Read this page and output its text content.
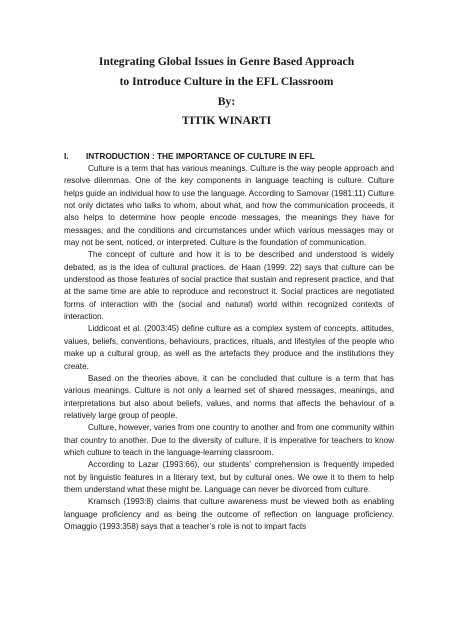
Integrating Global Issues in Genre Based Approach
to Introduce Culture in the EFL Classroom
By:
TITIK WINARTI
I. INTRODUCTION : THE IMPORTANCE OF CULTURE IN EFL

Culture is a term that has various meanings. Culture is the way people approach and resolve dilemmas. One of the key components in language teaching is culture. Culture helps guide an individual how to use the language. According to Samovar (1981:11) Culture not only dictates who talks to whom, about what, and how the communication proceeds, it also helps to determine how people encode messages, the meanings they have for messages, and the conditions and circumstances under which various messages may or may not be sent, noticed, or interpreted. Culture is the foundation of communication.

The concept of culture and how it is to be described and understood is widely debated, as is the idea of cultural practices. de Haan (1999: 22) says that culture can be understood as those features of social practice that sustain and represent practice, and that at the same time are able to reproduce and reconstruct it. Social practices are negotiated forms of interaction with the (social and natural) world within recognized contexts of interaction.

Liddicoat et al. (2003:45) define culture as a complex system of concepts, attitudes, values, beliefs, conventions, behaviours, practices, rituals, and lifestyles of the people who make up a cultural group, as well as the artefacts they produce and the institutions they create.

Based on the theories above, it can be concluded that culture is a term that has various meanings. Culture is not only a learned set of shared messages, meanings, and interpretations but also about beliefs, values, and norms that affects the behaviour of a relatively large group of people.

Culture, however, varies from one country to another and from one community within that country to another. Due to the diversity of culture, it is imperative for teachers to know which culture to teach in the language-learning classroom.

According to Lazar (1993:66), our students’ comprehension is frequently impeded not by linguistic features in a literary text, but by cultural ones. We owe it to them to help them understand what these might be. Language can never be divorced from culture.

Kramsch (1993:8) claims that culture awareness must be viewed both as enabling language proficiency and as being the outcome of reflection on language proficiency. Omaggio (1993:358) says that a teacher’s role is not to impart facts
